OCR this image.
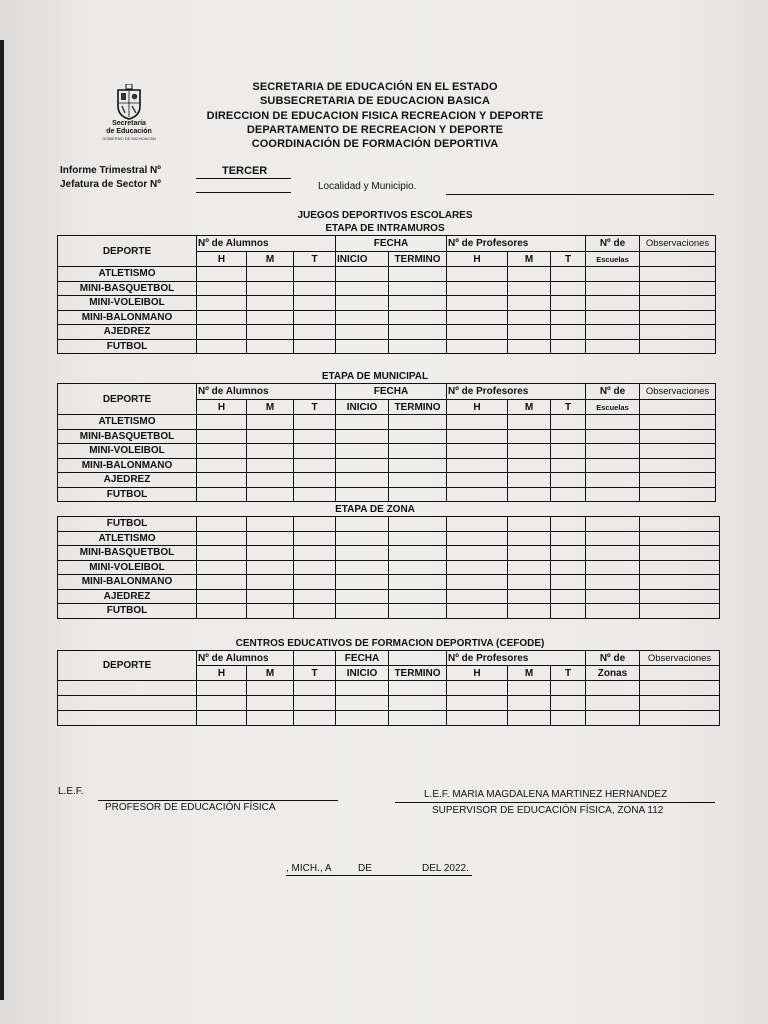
Secretaría
de Educación
GOBIERNO DE MICHOACÁN
SECRETARIA DE EDUCACIÓN EN EL ESTADO
SUBSECRETARIA DE EDUCACION BASICA
DIRECCION DE EDUCACION FISICA RECREACION Y DEPORTE
DEPARTAMENTO DE RECREACION Y DEPORTE
COORDINACIÓN DE FORMACIÓN DEPORTIVA
Informe Trimestral Nº	TERCER
Jefatura de Sector Nº	Localidad y Municipio.
JUEGOS DEPORTIVOS ESCOLARES
ETAPA DE INTRAMUROS
DEPORTE	Nº de Alumnos			FECHA		Nº de Profesores			Nº de	Observaciones
	H	M	T	INICIO	TERMINO	H	M	T	Escuelas	
ATLETISMO										
MINI-BASQUETBOL										
MINI-VOLEIBOL										
MINI-BALONMANO										
AJEDREZ										
FUTBOL										
ETAPA DE MUNICIPAL
DEPORTE	Nº de Alumnos			FECHA		Nº de Profesores			Nº de	Observaciones
	H	M	T	INICIO	TERMINO	H	M	T	Escuelas	
ATLETISMO										
MINI-BASQUETBOL										
MINI-VOLEIBOL										
MINI-BALONMANO										
AJEDREZ										
FUTBOL										
ETAPA DE ZONA
FUTBOL										
ATLETISMO										
MINI-BASQUETBOL										
MINI-VOLEIBOL										
MINI-BALONMANO										
AJEDREZ										
FUTBOL										
CENTROS EDUCATIVOS DE FORMACION DEPORTIVA (CEFODE)
DEPORTE	Nº de Alumnos			FECHA		Nº de Profesores			Nº de	Observaciones
	H	M	T	INICIO	TERMINO	H	M	T	Zonas	

L.E.F.
PROFESOR DE EDUCACIÓN FÍSICA
L.E.F. MARIA MAGDALENA MARTINEZ HERNANDEZ
SUPERVISOR DE EDUCACIÓN FÍSICA, ZONA 112
, MICH., A	DE	DEL 2022.
